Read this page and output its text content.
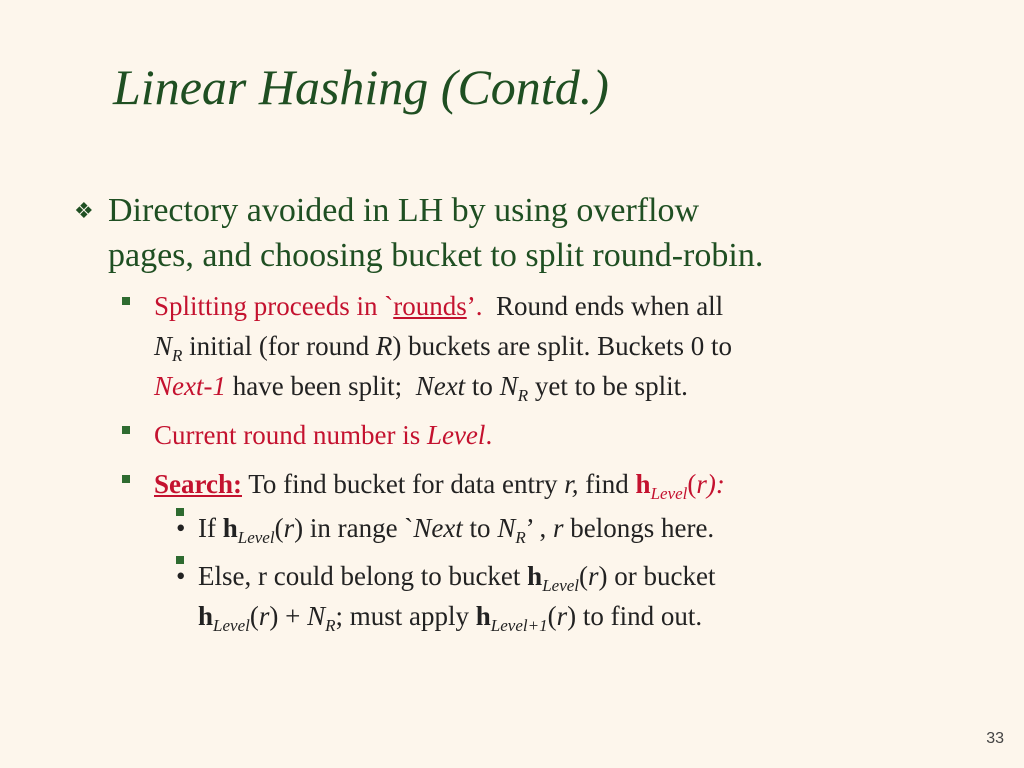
Linear Hashing (Contd.)
❖ Directory avoided in LH by using overflow
pages, and choosing bucket to split round-robin.
Splitting proceeds in `rounds’. Round ends when all
$N_R$ initial (for round R) buckets are split. Buckets 0 to
Next-1 have been split; Next to $N_R$ yet to be split.
Current round number is Level.
Search: To find bucket for data entry r, find $h_{Level}(r)$:
• If $h_{Level}(r)$ in range `Next to $N_R$’ , r belongs here.
• Else, r could belong to bucket $h_{Level}(r)$ or bucket
$h_{Level}(r) + N_R$; must apply $h_{Level+1}(r)$ to find out.
33
